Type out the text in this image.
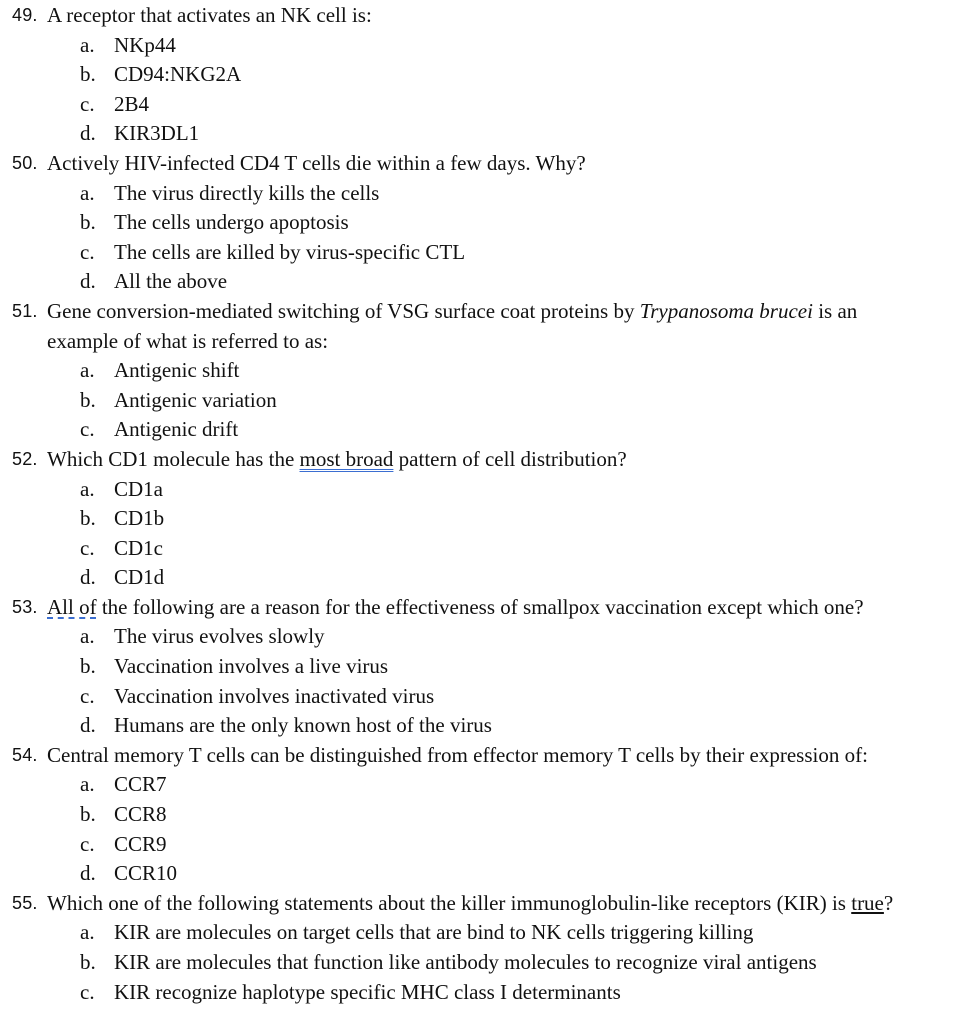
49. A receptor that activates an NK cell is:
a. NKp44
b. CD94:NKG2A
c. 2B4
d. KIR3DL1
50. Actively HIV-infected CD4 T cells die within a few days. Why?
a. The virus directly kills the cells
b. The cells undergo apoptosis
c. The cells are killed by virus-specific CTL
d. All the above
51. Gene conversion-mediated switching of VSG surface coat proteins by Trypanosoma brucei is an
example of what is referred to as:
a. Antigenic shift
b. Antigenic variation
c. Antigenic drift
52. Which CD1 molecule has the most broad pattern of cell distribution?
a. CD1a
b. CD1b
c. CD1c
d. CD1d
53. All of the following are a reason for the effectiveness of smallpox vaccination except which one?
a. The virus evolves slowly
b. Vaccination involves a live virus
c. Vaccination involves inactivated virus
d. Humans are the only known host of the virus
54. Central memory T cells can be distinguished from effector memory T cells by their expression of:
a. CCR7
b. CCR8
c. CCR9
d. CCR10
55. Which one of the following statements about the killer immunoglobulin-like receptors (KIR) is true?
a. KIR are molecules on target cells that are bind to NK cells triggering killing
b. KIR are molecules that function like antibody molecules to recognize viral antigens
c. KIR recognize haplotype specific MHC class I determinants
